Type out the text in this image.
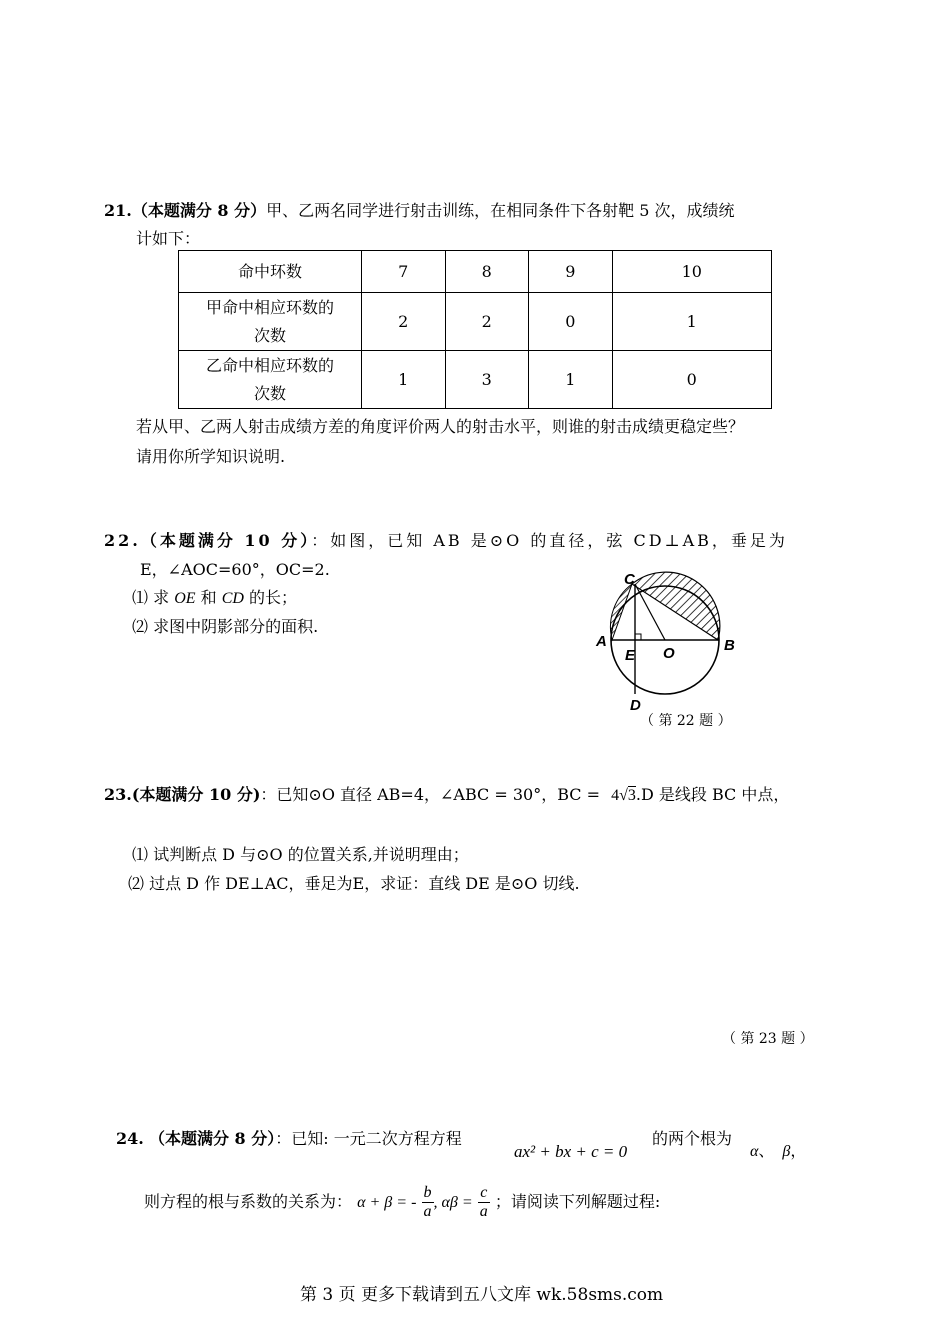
21.（本题满分 8 分）甲、乙两名同学进行射击训练，在相同条件下各射靶 5 次，成绩统
计如下：
命中环数	7	8	9	10

甲命中相应环数的
次数	2	2	0	1

乙命中相应环数的
次数	1	3	1	0
若从甲、乙两人射击成绩方差的角度评价两人的射击水平，则谁的射击成绩更稳定些？
请用你所学知识说明.
22.（本题满分 10 分）：如图，已知 AB 是⊙O 的直径，弦 CD⊥AB，垂足为
E，∠AOC=60°，OC=2.
⑴ 求 OE 和 CD 的长；
⑵ 求图中阴影部分的面积.
C
A
E O	B
D
（ 第 22 题 ）
23.(本题满分 10 分)：已知⊙O 直径 AB=4，∠ABC = 30°，BC = 4√3.D 是线段 BC 中点，
⑴ 试判断点 D 与⊙O 的位置关系,并说明理由；
⑵ 过点 D 作 DE⊥AC，垂足为E，求证：直线 DE 是⊙O 切线.
（ 第 23 题 ）
24. （本题满分 8 分）：已知: 一元二次方程方程
ax² + bx + c = 0
的两个根为
α、 β，
则方程的根与系数的关系为： α + β = - $\frac{b}{a}$ , $\alpha\beta = \frac{c}{a}$ ；请阅读下列解题过程:
第 3 页 更多下载请到五八文库 wk.58sms.com
